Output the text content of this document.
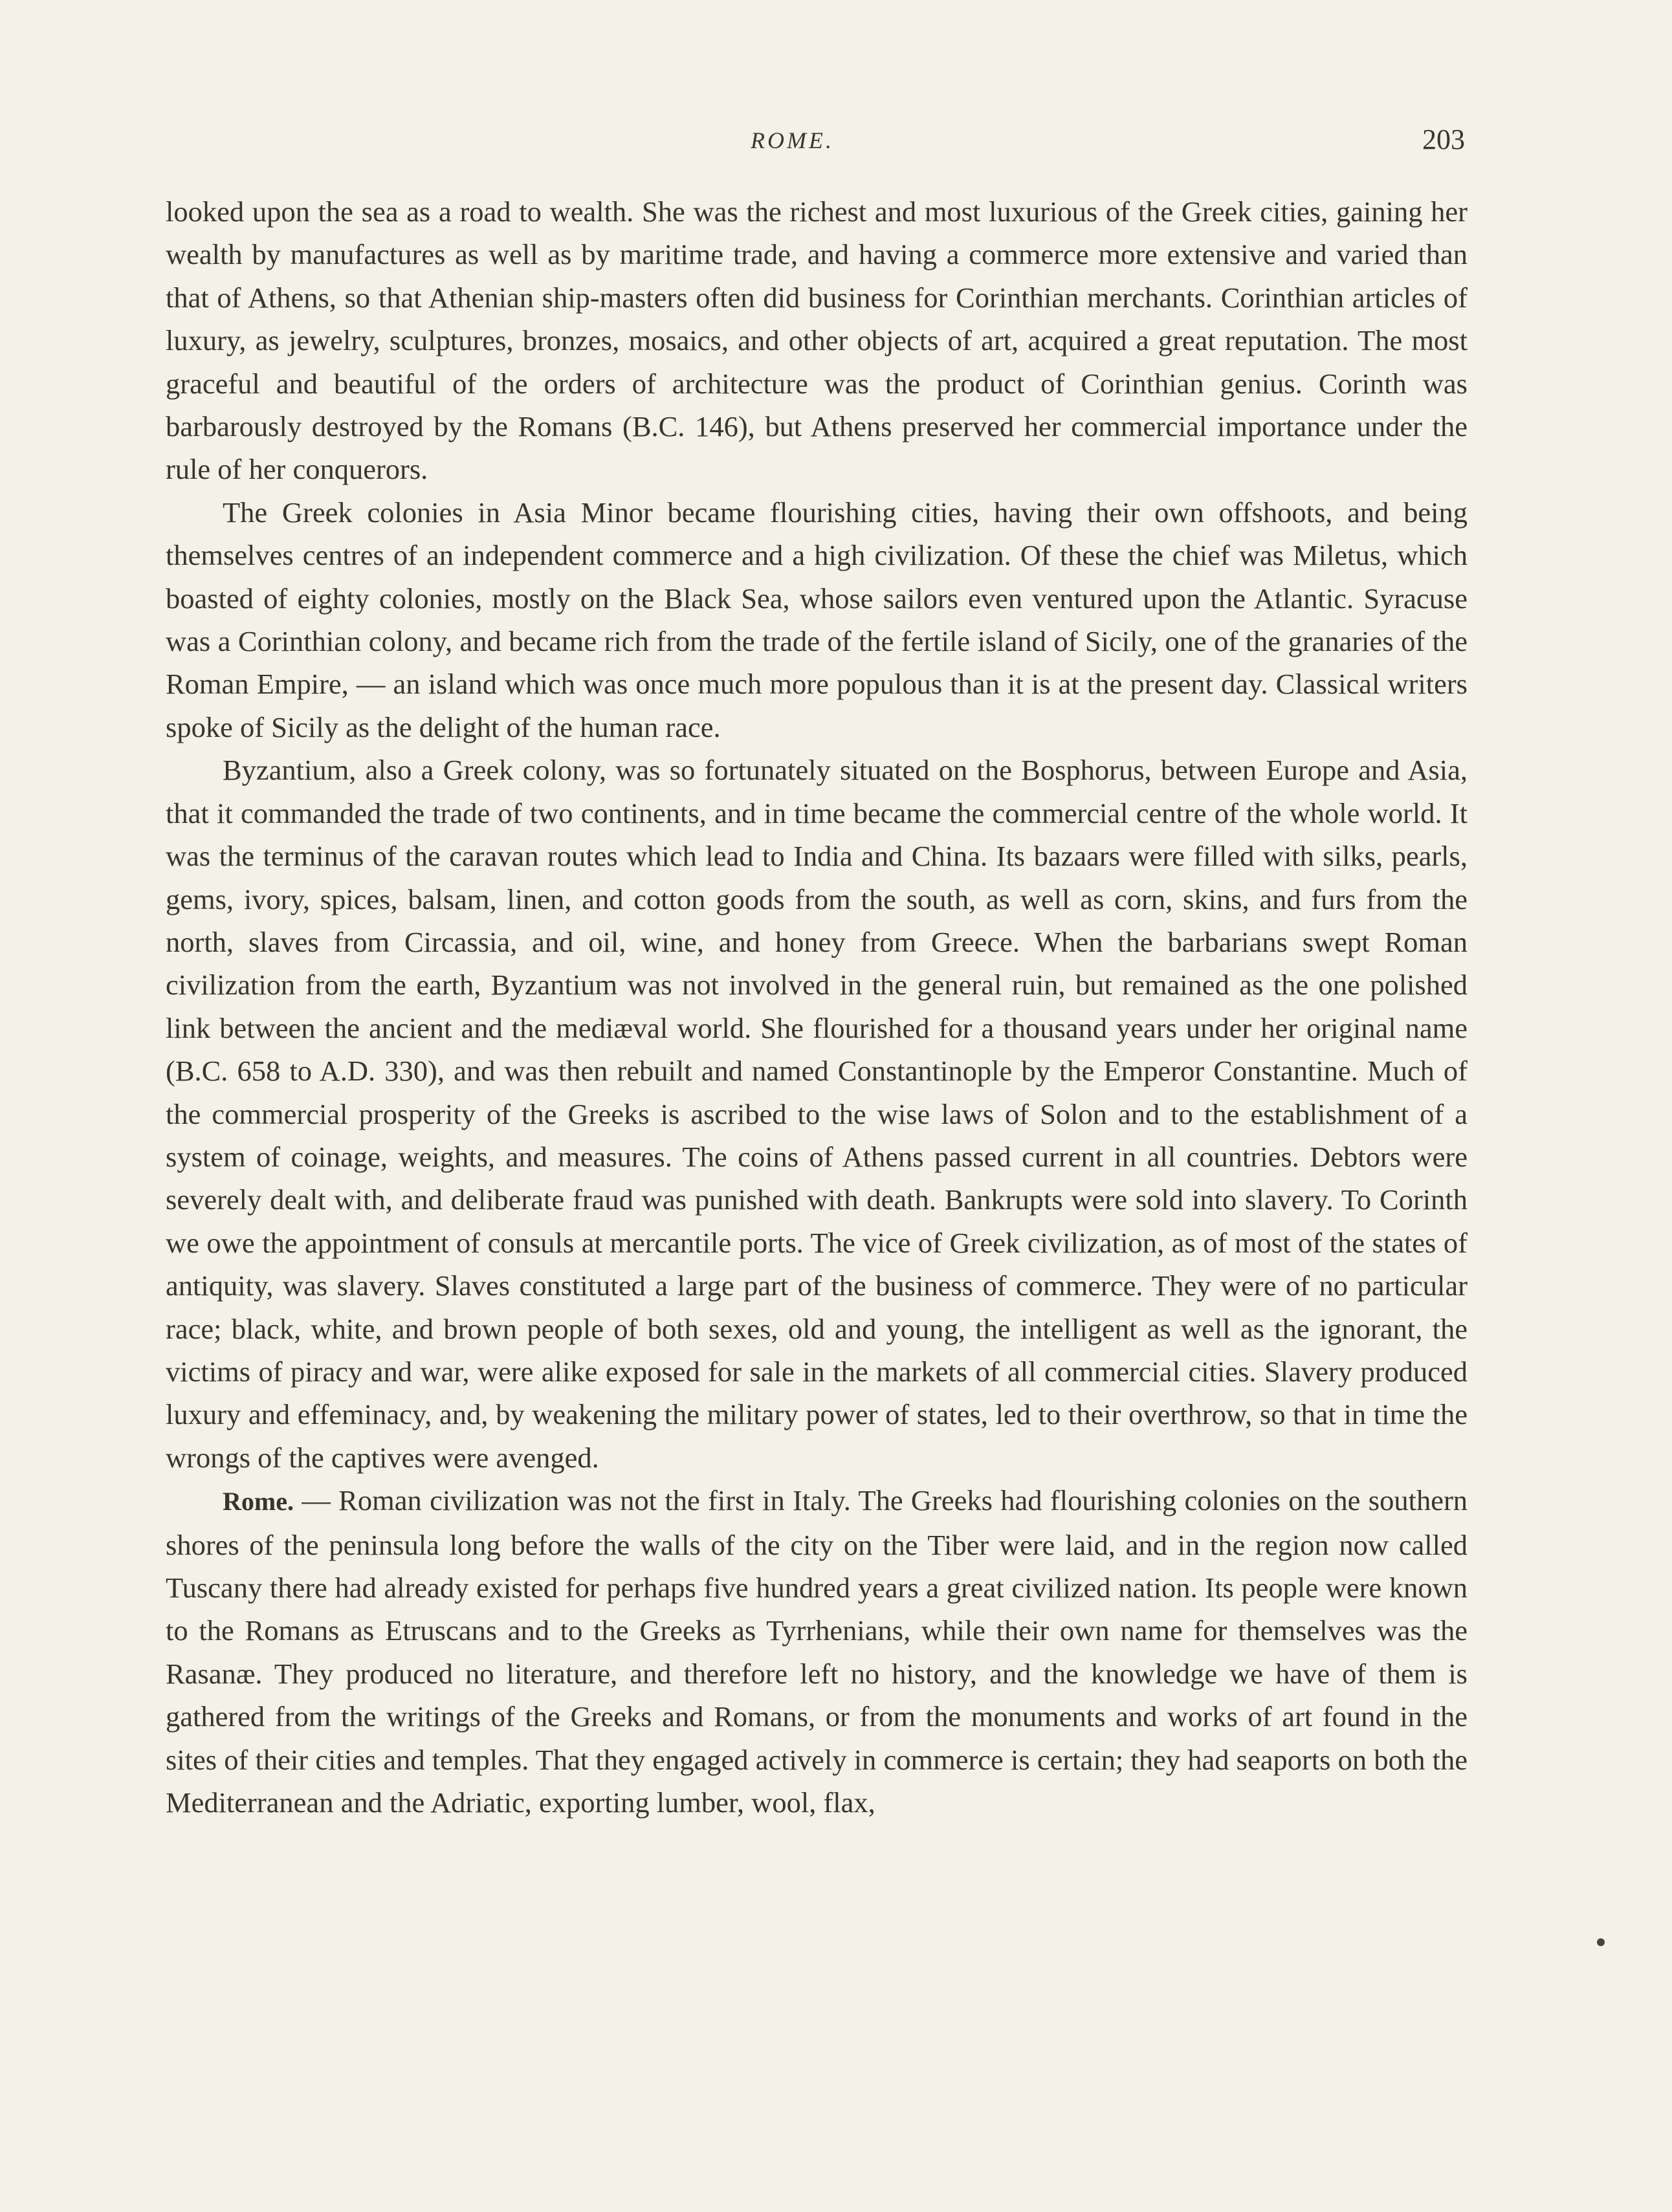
ROME.	203

looked upon the sea as a road to wealth. She was the richest and most luxurious of the Greek cities, gaining her wealth by manufactures as well as by maritime trade, and having a commerce more extensive and varied than that of Athens, so that Athenian ship-masters often did business for Corinthian merchants. Corinthian articles of luxury, as jewelry, sculptures, bronzes, mosaics, and other objects of art, acquired a great reputation. The most graceful and beautiful of the orders of architecture was the product of Corinthian genius. Corinth was barbarously destroyed by the Romans (B.C. 146), but Athens preserved her commercial importance under the rule of her conquerors.

The Greek colonies in Asia Minor became flourishing cities, having their own offshoots, and being themselves centres of an independent commerce and a high civilization. Of these the chief was Miletus, which boasted of eighty colonies, mostly on the Black Sea, whose sailors even ventured upon the Atlantic. Syracuse was a Corinthian colony, and became rich from the trade of the fertile island of Sicily, one of the granaries of the Roman Empire, — an island which was once much more populous than it is at the present day. Classical writers spoke of Sicily as the delight of the human race.

Byzantium, also a Greek colony, was so fortunately situated on the Bosphorus, between Europe and Asia, that it commanded the trade of two continents, and in time became the commercial centre of the whole world. It was the terminus of the caravan routes which lead to India and China. Its bazaars were filled with silks, pearls, gems, ivory, spices, balsam, linen, and cotton goods from the south, as well as corn, skins, and furs from the north, slaves from Circassia, and oil, wine, and honey from Greece. When the barbarians swept Roman civilization from the earth, Byzantium was not involved in the general ruin, but remained as the one polished link between the ancient and the mediæval world. She flourished for a thousand years under her original name (B.C. 658 to A.D. 330), and was then rebuilt and named Constantinople by the Emperor Constantine. Much of the commercial prosperity of the Greeks is ascribed to the wise laws of Solon and to the establishment of a system of coinage, weights, and measures. The coins of Athens passed current in all countries. Debtors were severely dealt with, and deliberate fraud was punished with death. Bankrupts were sold into slavery. To Corinth we owe the appointment of consuls at mercantile ports. The vice of Greek civilization, as of most of the states of antiquity, was slavery. Slaves constituted a large part of the business of commerce. They were of no particular race; black, white, and brown people of both sexes, old and young, the intelligent as well as the ignorant, the victims of piracy and war, were alike exposed for sale in the markets of all commercial cities. Slavery produced luxury and effeminacy, and, by weakening the military power of states, led to their overthrow, so that in time the wrongs of the captives were avenged.

Rome. — Roman civilization was not the first in Italy. The Greeks had flourishing colonies on the southern shores of the peninsula long before the walls of the city on the Tiber were laid, and in the region now called Tuscany there had already existed for perhaps five hundred years a great civilized nation. Its people were known to the Romans as Etruscans and to the Greeks as Tyrrhenians, while their own name for themselves was the Rasanæ. They produced no literature, and therefore left no history, and the knowledge we have of them is gathered from the writings of the Greeks and Romans, or from the monuments and works of art found in the sites of their cities and temples. That they engaged actively in commerce is certain; they had seaports on both the Mediterranean and the Adriatic, exporting lumber, wool, flax,
